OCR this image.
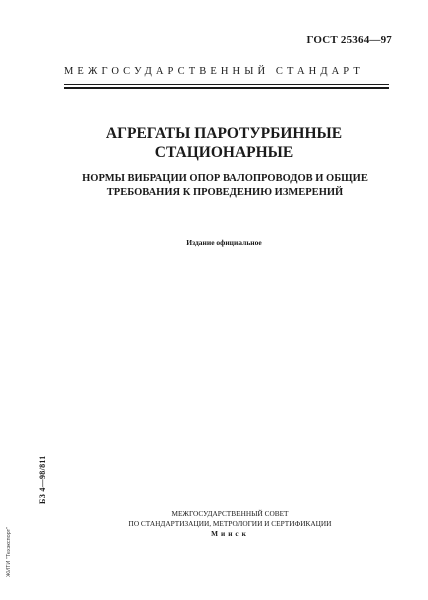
ГОСТ 25364—97
МЕЖГОСУДАРСТВЕННЫЙ СТАНДАРТ
АГРЕГАТЫ ПАРОТУРБИННЫЕ
СТАЦИОНАРНЫЕ
НОРМЫ ВИБРАЦИИ ОПОР ВАЛОПРОВОДОВ И ОБЩИЕ
ТРЕБОВАНИЯ К ПРОВЕДЕНИЮ ИЗМЕРЕНИЙ
Издание официальное
БЗ 4—98/811
МЕЖГОСУДАРСТВЕННЫЙ СОВЕТ
ПО СТАНДАРТИЗАЦИИ, МЕТРОЛОГИИ И СЕРТИФИКАЦИИ
Минск
ЖИТИ "Техэкспорт"
